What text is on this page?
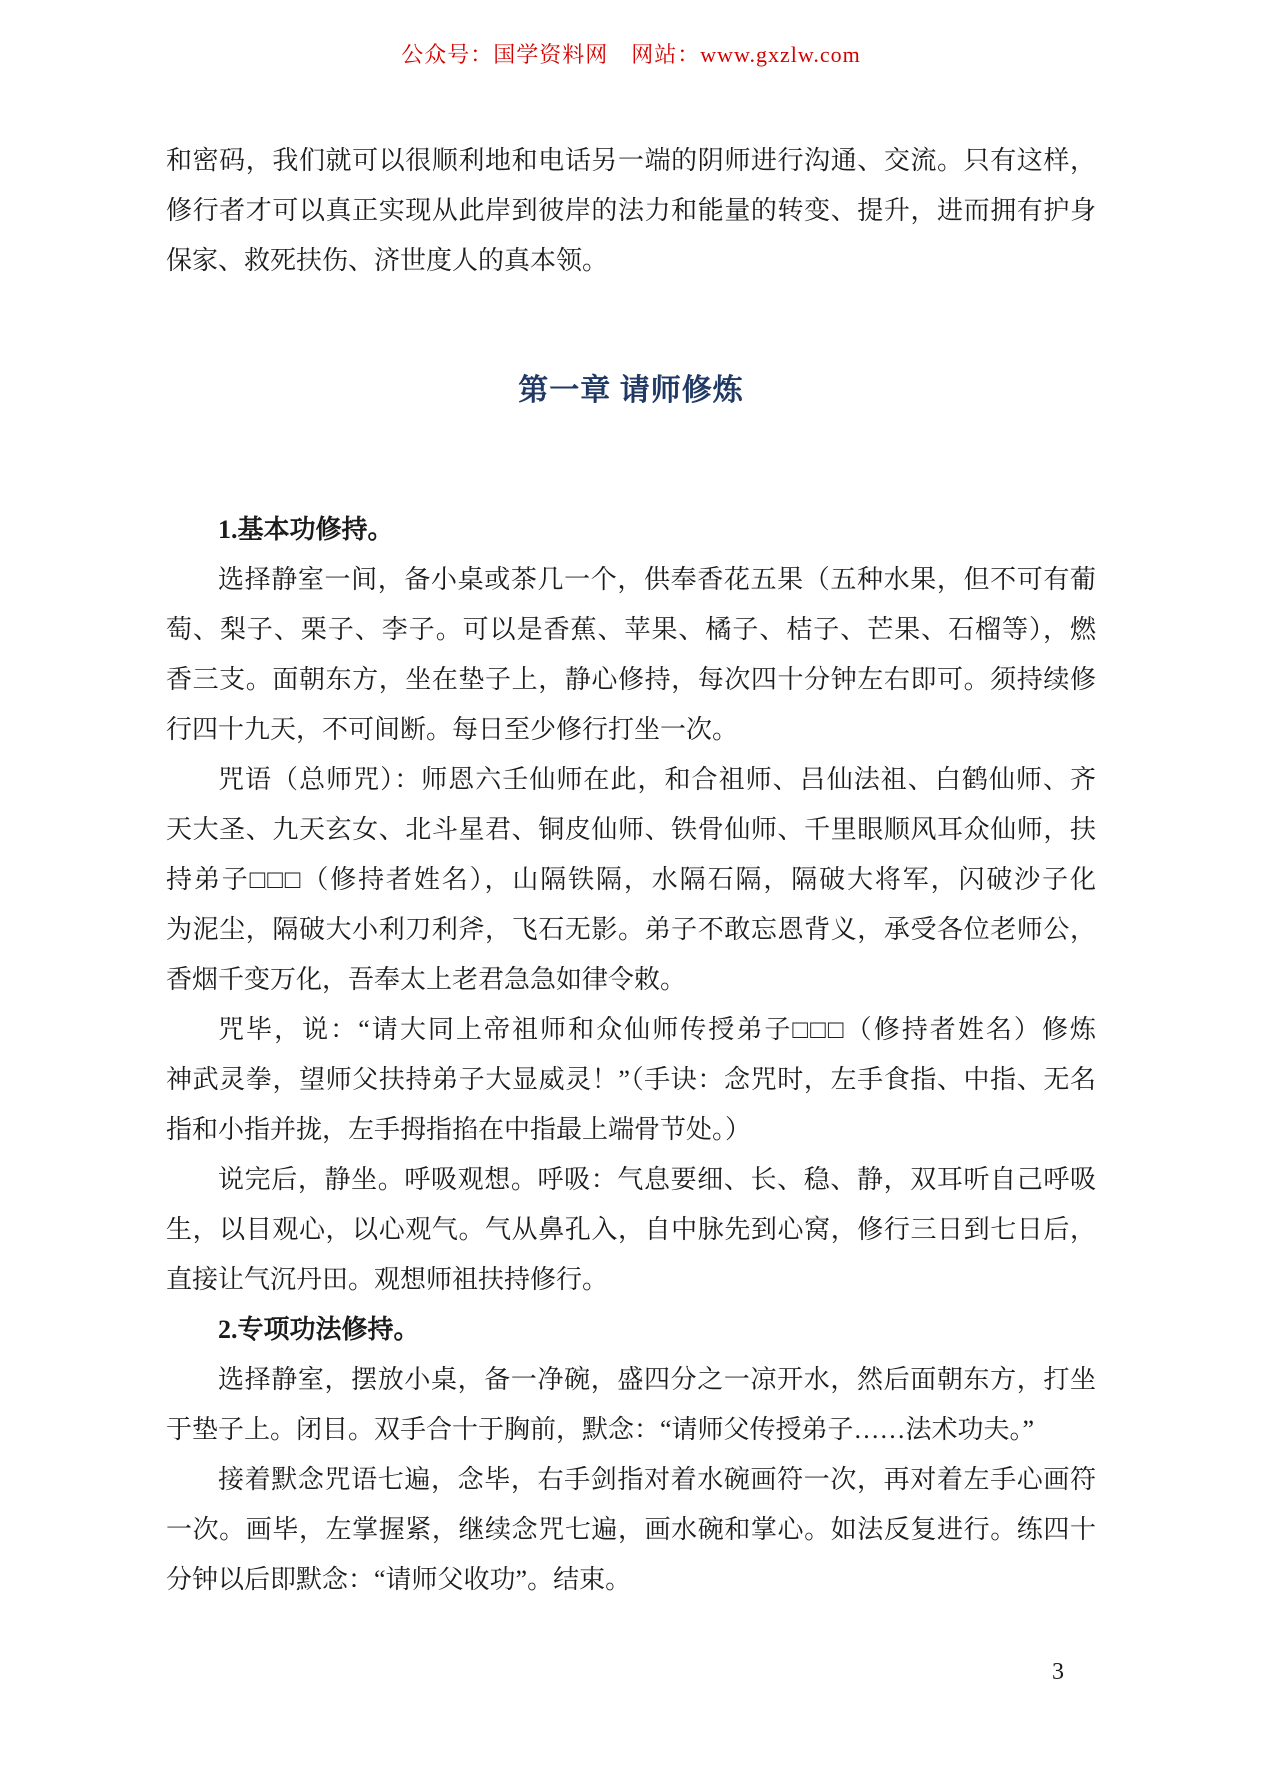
公众号：国学资料网　网站：www.gxzlw.com
和密码，我们就可以很顺利地和电话另一端的阴师进行沟通、交流。只有这样，
修行者才可以真正实现从此岸到彼岸的法力和能量的转变、提升，进而拥有护身
保家、救死扶伤、济世度人的真本领。
第一章 请师修炼
1.基本功修持。
选择静室一间，备小桌或茶几一个，供奉香花五果（五种水果，但不可有葡
萄、梨子、栗子、李子。可以是香蕉、苹果、橘子、桔子、芒果、石榴等），燃
香三支。面朝东方，坐在垫子上，静心修持，每次四十分钟左右即可。须持续修
行四十九天，不可间断。每日至少修行打坐一次。
咒语（总师咒）：师恩六壬仙师在此，和合祖师、吕仙法祖、白鹤仙师、齐
天大圣、九天玄女、北斗星君、铜皮仙师、铁骨仙师、千里眼顺风耳众仙师，扶
持弟子□□□（修持者姓名），山隔铁隔，水隔石隔，隔破大将军，闪破沙子化
为泥尘，隔破大小利刀利斧，飞石无影。弟子不敢忘恩背义，承受各位老师公，
香烟千变万化，吾奉太上老君急急如律令敕。
咒毕，说：“请大同上帝祖师和众仙师传授弟子□□□（修持者姓名）修炼
神武灵拳，望师父扶持弟子大显威灵！”（手诀：念咒时，左手食指、中指、无名
指和小指并拢，左手拇指掐在中指最上端骨节处。）
说完后，静坐。呼吸观想。呼吸：气息要细、长、稳、静，双耳听自己呼吸
生，以目观心，以心观气。气从鼻孔入，自中脉先到心窝，修行三日到七日后，
直接让气沉丹田。观想师祖扶持修行。
2.专项功法修持。
选择静室，摆放小桌，备一净碗，盛四分之一凉开水，然后面朝东方，打坐
于垫子上。闭目。双手合十于胸前，默念：“请师父传授弟子……法术功夫。”
接着默念咒语七遍，念毕，右手剑指对着水碗画符一次，再对着左手心画符
一次。画毕，左掌握紧，继续念咒七遍，画水碗和掌心。如法反复进行。练四十
分钟以后即默念：“请师父收功”。结束。
3
